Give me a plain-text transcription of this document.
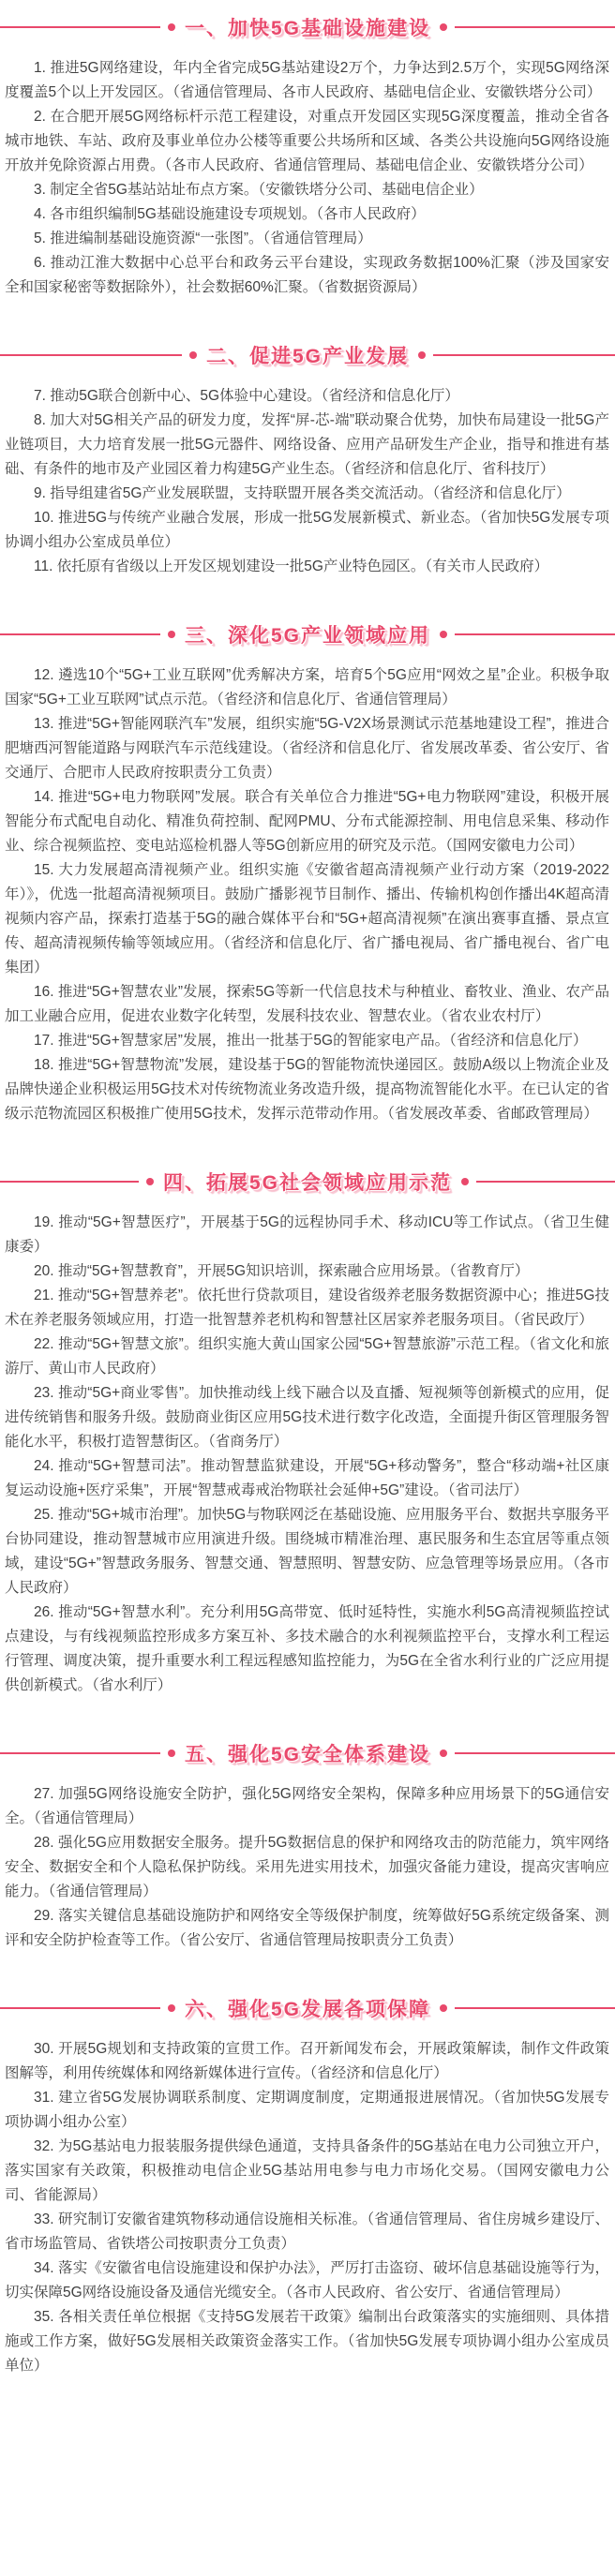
一、加快5G基础设施建设

1. 推进5G网络建设，年内全省完成5G基站建设2万个，力争达到2.5万个，实现5G网络深度覆盖5个以上开发园区。（省通信管理局、各市人民政府、基础电信企业、安徽铁塔分公司）

2. 在合肥开展5G网络标杆示范工程建设，对重点开发园区实现5G深度覆盖，推动全省各城市地铁、车站、政府及事业单位办公楼等重要公共场所和区域、各类公共设施向5G网络设施开放并免除资源占用费。（各市人民政府、省通信管理局、基础电信企业、安徽铁塔分公司）

3. 制定全省5G基站站址布点方案。（安徽铁塔分公司、基础电信企业）

4. 各市组织编制5G基础设施建设专项规划。（各市人民政府）

5. 推进编制基础设施资源“一张图”。（省通信管理局）

6. 推动江淮大数据中心总平台和政务云平台建设，实现政务数据100%汇聚（涉及国家安全和国家秘密等数据除外），社会数据60%汇聚。（省数据资源局）

二、促进5G产业发展

7. 推动5G联合创新中心、5G体验中心建设。（省经济和信息化厅）

8. 加大对5G相关产品的研发力度，发挥“屏-芯-端”联动聚合优势，加快布局建设一批5G产业链项目，大力培育发展一批5G元器件、网络设备、应用产品研发生产企业，指导和推进有基础、有条件的地市及产业园区着力构建5G产业生态。（省经济和信息化厅、省科技厅）

9. 指导组建省5G产业发展联盟，支持联盟开展各类交流活动。（省经济和信息化厅）

10. 推进5G与传统产业融合发展，形成一批5G发展新模式、新业态。（省加快5G发展专项协调小组办公室成员单位）

11. 依托原有省级以上开发区规划建设一批5G产业特色园区。（有关市人民政府）

三、深化5G产业领域应用

12. 遴选10个“5G+工业互联网”优秀解决方案，培育5个5G应用“网效之星”企业。积极争取国家“5G+工业互联网”试点示范。（省经济和信息化厅、省通信管理局）

13. 推进“5G+智能网联汽车”发展，组织实施“5G-V2X场景测试示范基地建设工程”，推进合肥塘西河智能道路与网联汽车示范线建设。（省经济和信息化厅、省发展改革委、省公安厅、省交通厅、合肥市人民政府按职责分工负责）

14. 推进“5G+电力物联网”发展。联合有关单位合力推进“5G+电力物联网”建设，积极开展智能分布式配电自动化、精准负荷控制、配网PMU、分布式能源控制、用电信息采集、移动作业、综合视频监控、变电站巡检机器人等5G创新应用的研究及示范。（国网安徽电力公司）

15. 大力发展超高清视频产业。组织实施《安徽省超高清视频产业行动方案（2019-2022年）》，优选一批超高清视频项目。鼓励广播影视节目制作、播出、传输机构创作播出4K超高清视频内容产品，探索打造基于5G的融合媒体平台和“5G+超高清视频”在演出赛事直播、景点宣传、超高清视频传输等领域应用。（省经济和信息化厅、省广播电视局、省广播电视台、省广电集团）

16. 推进“5G+智慧农业”发展，探索5G等新一代信息技术与种植业、畜牧业、渔业、农产品加工业融合应用，促进农业数字化转型，发展科技农业、智慧农业。（省农业农村厅）

17. 推进“5G+智慧家居”发展，推出一批基于5G的智能家电产品。（省经济和信息化厅）

18. 推进“5G+智慧物流”发展，建设基于5G的智能物流快递园区。鼓励A级以上物流企业及品牌快递企业积极运用5G技术对传统物流业务改造升级，提高物流智能化水平。在已认定的省级示范物流园区积极推广使用5G技术，发挥示范带动作用。（省发展改革委、省邮政管理局）

四、拓展5G社会领域应用示范

19. 推动“5G+智慧医疗”，开展基于5G的远程协同手术、移动ICU等工作试点。（省卫生健康委）

20. 推动“5G+智慧教育”，开展5G知识培训，探索融合应用场景。（省教育厅）

21. 推动“5G+智慧养老”。依托世行贷款项目，建设省级养老服务数据资源中心；推进5G技术在养老服务领域应用，打造一批智慧养老机构和智慧社区居家养老服务项目。（省民政厅）

22. 推动“5G+智慧文旅”。组织实施大黄山国家公园“5G+智慧旅游”示范工程。（省文化和旅游厅、黄山市人民政府）

23. 推动“5G+商业零售”。加快推动线上线下融合以及直播、短视频等创新模式的应用，促进传统销售和服务升级。鼓励商业街区应用5G技术进行数字化改造，全面提升街区管理服务智能化水平，积极打造智慧街区。（省商务厅）

24. 推动“5G+智慧司法”。推动智慧监狱建设，开展“5G+移动警务”，整合“移动端+社区康复运动设施+医疗采集”，开展“智慧戒毒戒治物联社会延伸+5G”建设。（省司法厅）

25. 推动“5G+城市治理”。加快5G与物联网泛在基础设施、应用服务平台、数据共享服务平台协同建设，推动智慧城市应用演进升级。围绕城市精准治理、惠民服务和生态宜居等重点领域，建设“5G+”智慧政务服务、智慧交通、智慧照明、智慧安防、应急管理等场景应用。（各市人民政府）

26. 推动“5G+智慧水利”。充分利用5G高带宽、低时延特性，实施水利5G高清视频监控试点建设，与有线视频监控形成多方案互补、多技术融合的水利视频监控平台，支撑水利工程运行管理、调度决策，提升重要水利工程远程感知监控能力，为5G在全省水利行业的广泛应用提供创新模式。（省水利厅）

五、强化5G安全体系建设

27. 加强5G网络设施安全防护，强化5G网络安全架构，保障多种应用场景下的5G通信安全。（省通信管理局）

28. 强化5G应用数据安全服务。提升5G数据信息的保护和网络攻击的防范能力，筑牢网络安全、数据安全和个人隐私保护防线。采用先进实用技术，加强灾备能力建设，提高灾害响应能力。（省通信管理局）

29. 落实关键信息基础设施防护和网络安全等级保护制度，统筹做好5G系统定级备案、测评和安全防护检查等工作。（省公安厅、省通信管理局按职责分工负责）

六、强化5G发展各项保障

30. 开展5G规划和支持政策的宣贯工作。召开新闻发布会，开展政策解读，制作文件政策图解等，利用传统媒体和网络新媒体进行宣传。（省经济和信息化厅）

31. 建立省5G发展协调联系制度、定期调度制度，定期通报进展情况。（省加快5G发展专项协调小组办公室）

32. 为5G基站电力报装服务提供绿色通道，支持具备条件的5G基站在电力公司独立开户，落实国家有关政策，积极推动电信企业5G基站用电参与电力市场化交易。（国网安徽电力公司、省能源局）

33. 研究制订安徽省建筑物移动通信设施相关标准。（省通信管理局、省住房城乡建设厅、省市场监管局、省铁塔公司按职责分工负责）

34. 落实《安徽省电信设施建设和保护办法》，严厉打击盗窃、破坏信息基础设施等行为，切实保障5G网络设施设备及通信光缆安全。（各市人民政府、省公安厅、省通信管理局）

35. 各相关责任单位根据《支持5G发展若干政策》编制出台政策落实的实施细则、具体措施或工作方案，做好5G发展相关政策资金落实工作。（省加快5G发展专项协调小组办公室成员单位）
